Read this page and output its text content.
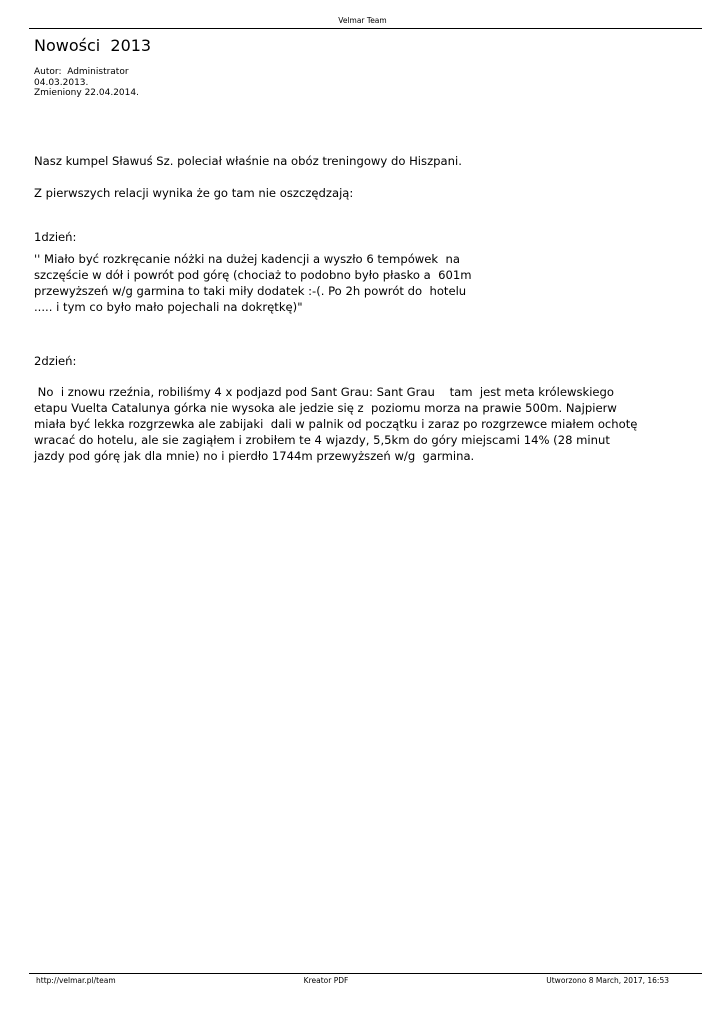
Velmar Team
Nowości  2013
Autor:  Administrator
04.03.2013.
Zmieniony 22.04.2014.

Nasz kumpel Sławuś Sz. poleciał właśnie na obóz treningowy do Hiszpani.

Z pierwszych relacji wynika że go tam nie oszczędzają:

1dzień:

'' Miało być rozkręcanie nóżki na dużej kadencji a wyszło 6 tempówek  na

szczęście w dół i powrót pod górę (chociaż to podobno było płasko a  601m

przewyższeń w/g garmina to taki miły dodatek :-(. Po 2h powrót do  hotelu

..... i tym co było mało pojechali na dokrętkę)"

2dzień:

No  i znowu rzeźnia, robiliśmy 4 x podjazd pod Sant Grau: Sant Grau    tam  jest meta królewskiego

etapu Vuelta Catalunya górka nie wysoka ale jedzie się z  poziomu morza na prawie 500m. Najpierw

miała być lekka rozgrzewka ale zabijaki  dali w palnik od początku i zaraz po rozgrzewce miałem ochotę

wracać do hotelu, ale sie zagiąłem i zrobiłem te 4 wjazdy, 5,5km do góry miejscami 14% (28 minut

jazdy pod górę jak dla mnie) no i pierdło 1744m przewyższeń w/g  garmina.

http://velmar.pl/team	Kreator PDF	Utworzono 8 March, 2017, 16:53
